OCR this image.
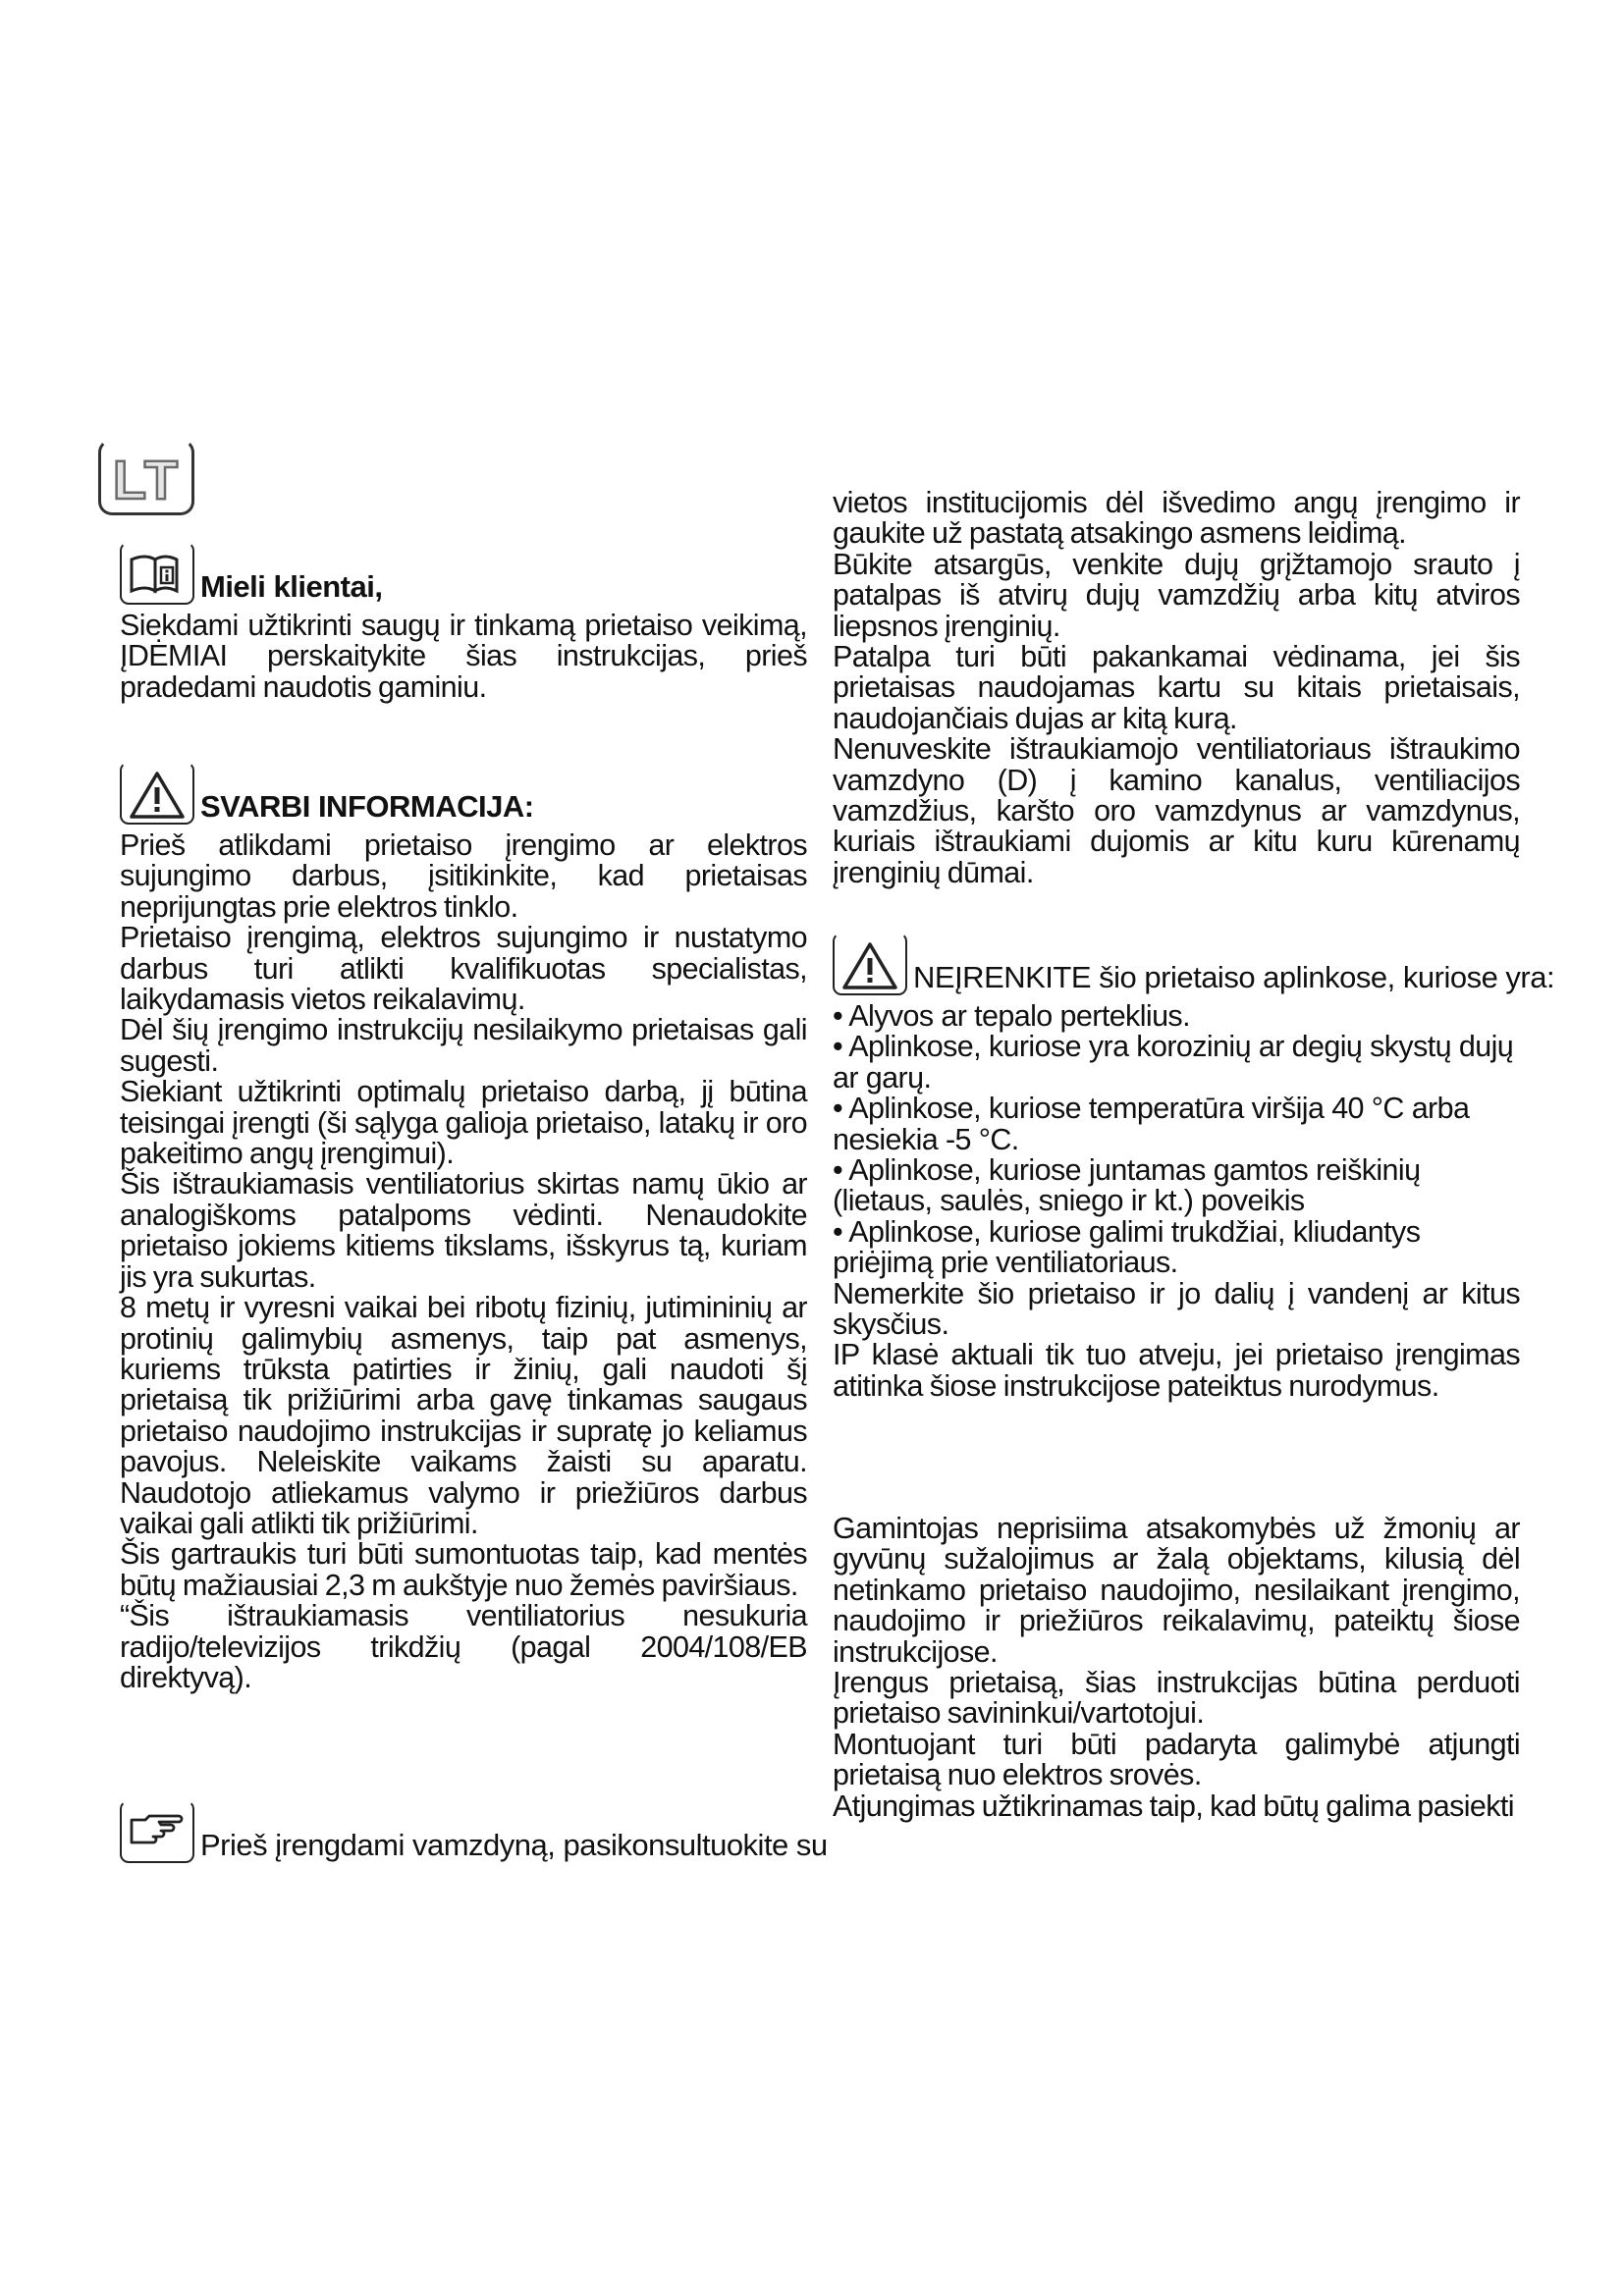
LT
Mieli klientai,

Siekdami užtikrinti saugų ir tinkamą prietaiso veikimą, ĮDĖMIAI perskaitykite šias instrukcijas, prieš pradedami naudotis gaminiu.

SVARBI INFORMACIJA:

Prieš atlikdami prietaiso įrengimo ar elektros sujungimo darbus, įsitikinkite, kad prietaisas neprijungtas prie elektros tinklo.

Prietaiso įrengimą, elektros sujungimo ir nustatymo darbus turi atlikti kvalifikuotas specialistas, laikydamasis vietos reikalavimų.

Dėl šių įrengimo instrukcijų nesilaikymo prietaisas gali sugesti.

Siekiant užtikrinti optimalų prietaiso darbą, jį būtina teisingai įrengti (ši sąlyga galioja prietaiso, latakų ir oro pakeitimo angų įrengimui).

Šis ištraukiamasis ventiliatorius skirtas namų ūkio ar analogiškoms patalpoms vėdinti. Nenaudokite prietaiso jokiems kitiems tikslams, išskyrus tą, kuriam jis yra sukurtas.

8 metų ir vyresni vaikai bei ribotų fizinių, jutimininių ar protinių galimybių asmenys, taip pat asmenys, kuriems trūksta patirties ir žinių, gali naudoti šį prietaisą tik prižiūrimi arba gavę tinkamas saugaus prietaiso naudojimo instrukcijas ir supratę jo keliamus pavojus. Neleiskite vaikams žaisti su aparatu. Naudotojo atliekamus valymo ir priežiūros darbus vaikai gali atlikti tik prižiūrimi.

Šis gartraukis turi būti sumontuotas taip, kad mentės būtų mažiausiai 2,3 m aukštyje nuo žemės paviršiaus.

“Šis ištraukiamasis ventiliatorius nesukuria radijo/televizijos trikdžių (pagal 2004/108/EB direktyvą).

Prieš įrengdami vamzdyną, pasikonsultuokite su

vietos institucijomis dėl išvedimo angų įrengimo ir gaukite už pastatą atsakingo asmens leidimą.

Būkite atsargūs, venkite dujų grįžtamojo srauto į patalpas iš atvirų dujų vamzdžių arba kitų atviros liepsnos įrenginių.

Patalpa turi būti pakankamai vėdinama, jei šis prietaisas naudojamas kartu su kitais prietaisais, naudojančiais dujas ar kitą kurą.

Nenuveskite ištraukiamojo ventiliatoriaus ištraukimo vamzdyno (D) į kamino kanalus, ventiliacijos vamzdžius, karšto oro vamzdynus ar vamzdynus, kuriais ištraukiami dujomis ar kitu kuru kūrenamų įrenginių dūmai.

NEĮRENKITE šio prietaiso aplinkose, kuriose yra:

• Alyvos ar tepalo perteklius.

• Aplinkose, kuriose yra korozinių ar degių skystų dujų ar garų.

• Aplinkose, kuriose temperatūra viršija 40 °C arba nesiekia -5 °C.

• Aplinkose, kuriose juntamas gamtos reiškinių (lietaus, saulės, sniego ir kt.) poveikis

• Aplinkose, kuriose galimi trukdžiai, kliudantys priėjimą prie ventiliatoriaus.

Nemerkite šio prietaiso ir jo dalių į vandenį ar kitus skysčius.

IP klasė aktuali tik tuo atveju, jei prietaiso įrengimas atitinka šiose instrukcijose pateiktus nurodymus.

Gamintojas neprisiima atsakomybės už žmonių ar gyvūnų sužalojimus ar žalą objektams, kilusią dėl netinkamo prietaiso naudojimo, nesilaikant įrengimo, naudojimo ir priežiūros reikalavimų, pateiktų šiose instrukcijose.

Įrengus prietaisą, šias instrukcijas būtina perduoti prietaiso savininkui/vartotojui.

Montuojant turi būti padaryta galimybė atjungti prietaisą nuo elektros srovės.

Atjungimas užtikrinamas taip, kad būtų galima pasiekti
